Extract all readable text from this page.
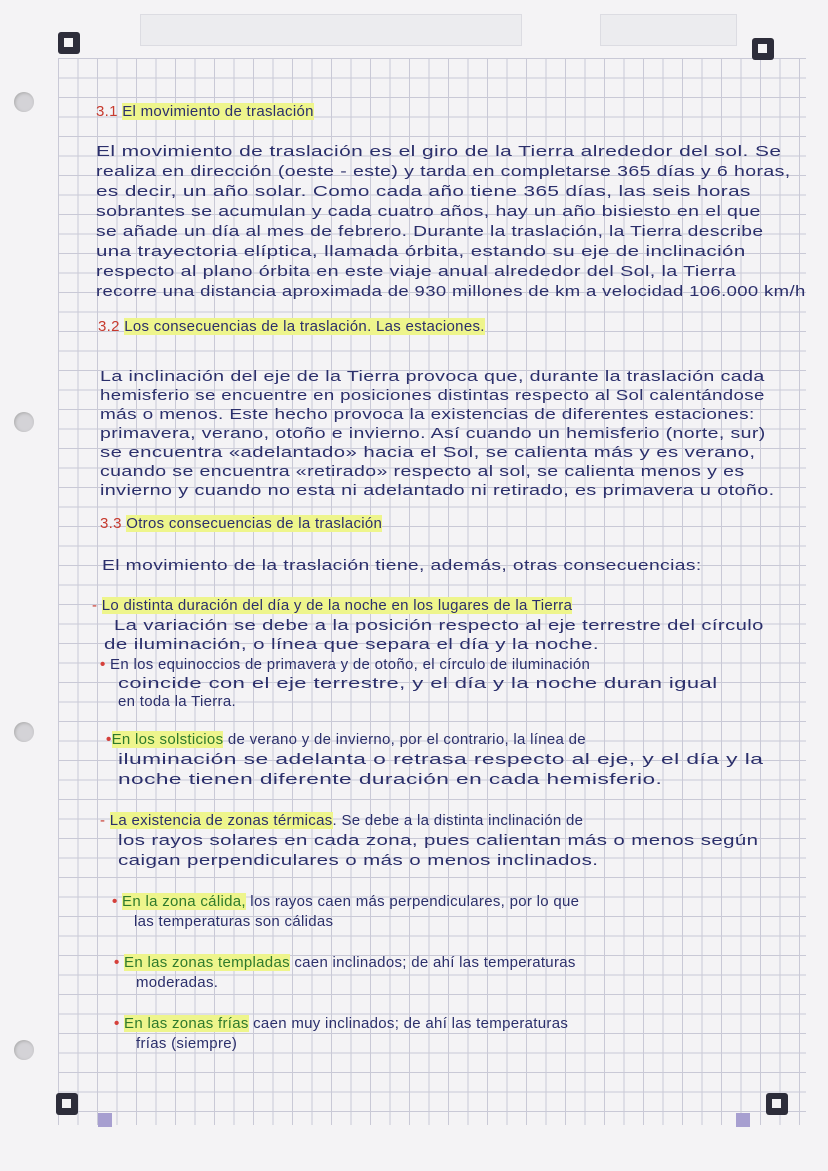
3.1 El movimiento de traslación
El movimiento de traslación es el giro de la Tierra alrededor del sol. Se
realiza en dirección (oeste - este) y tarda en completarse 365 días y 6 horas,
es decir, un año solar. Como cada año tiene 365 días, las seis horas
sobrantes se acumulan y cada cuatro años, hay un año bisiesto en el que
se añade un día al mes de febrero. Durante la traslación, la Tierra describe
una trayectoria elíptica, llamada órbita, estando su eje de inclinación
respecto al plano órbita en este viaje anual alrededor del Sol, la Tierra
recorre una distancia aproximada de 930 millones de km a velocidad 106.000 km/h
3.2 Los consecuencias de la traslación. Las estaciones.
La inclinación del eje de la Tierra provoca que, durante la traslación cada
hemisferio se encuentre en posiciones distintas respecto al Sol calentándose
más o menos. Este hecho provoca la existencias de diferentes estaciones:
primavera, verano, otoño e invierno. Así cuando un hemisferio (norte, sur)
se encuentra «adelantado» hacia el Sol, se calienta más y es verano,
cuando se encuentra «retirado» respecto al sol, se calienta menos y es
invierno y cuando no esta ni adelantado ni retirado, es primavera u otoño.
3.3 Otros consecuencias de la traslación
El movimiento de la traslación tiene, además, otras consecuencias:
- Lo distinta duración del día y de la noche en los lugares de la Tierra
La variación se debe a la posición respecto al eje terrestre del círculo
de iluminación, o línea que separa el día y la noche.
• En los equinoccios de primavera y de otoño, el círculo de iluminación
coincide con el eje terrestre, y el día y la noche duran igual
en toda la Tierra.
•En los solsticios de verano y de invierno, por el contrario, la línea de
iluminación se adelanta o retrasa respecto al eje, y el día y la
noche tienen diferente duración en cada hemisferio.
- La existencia de zonas térmicas. Se debe a la distinta inclinación de
los rayos solares en cada zona, pues calientan más o menos según
caigan perpendiculares o más o menos inclinados.
• En la zona cálida, los rayos caen más perpendiculares, por lo que
las temperaturas son cálidas
• En las zonas templadas caen inclinados; de ahí las temperaturas
moderadas.
• En las zonas frías caen muy inclinados; de ahí las temperaturas
frías (siempre)
